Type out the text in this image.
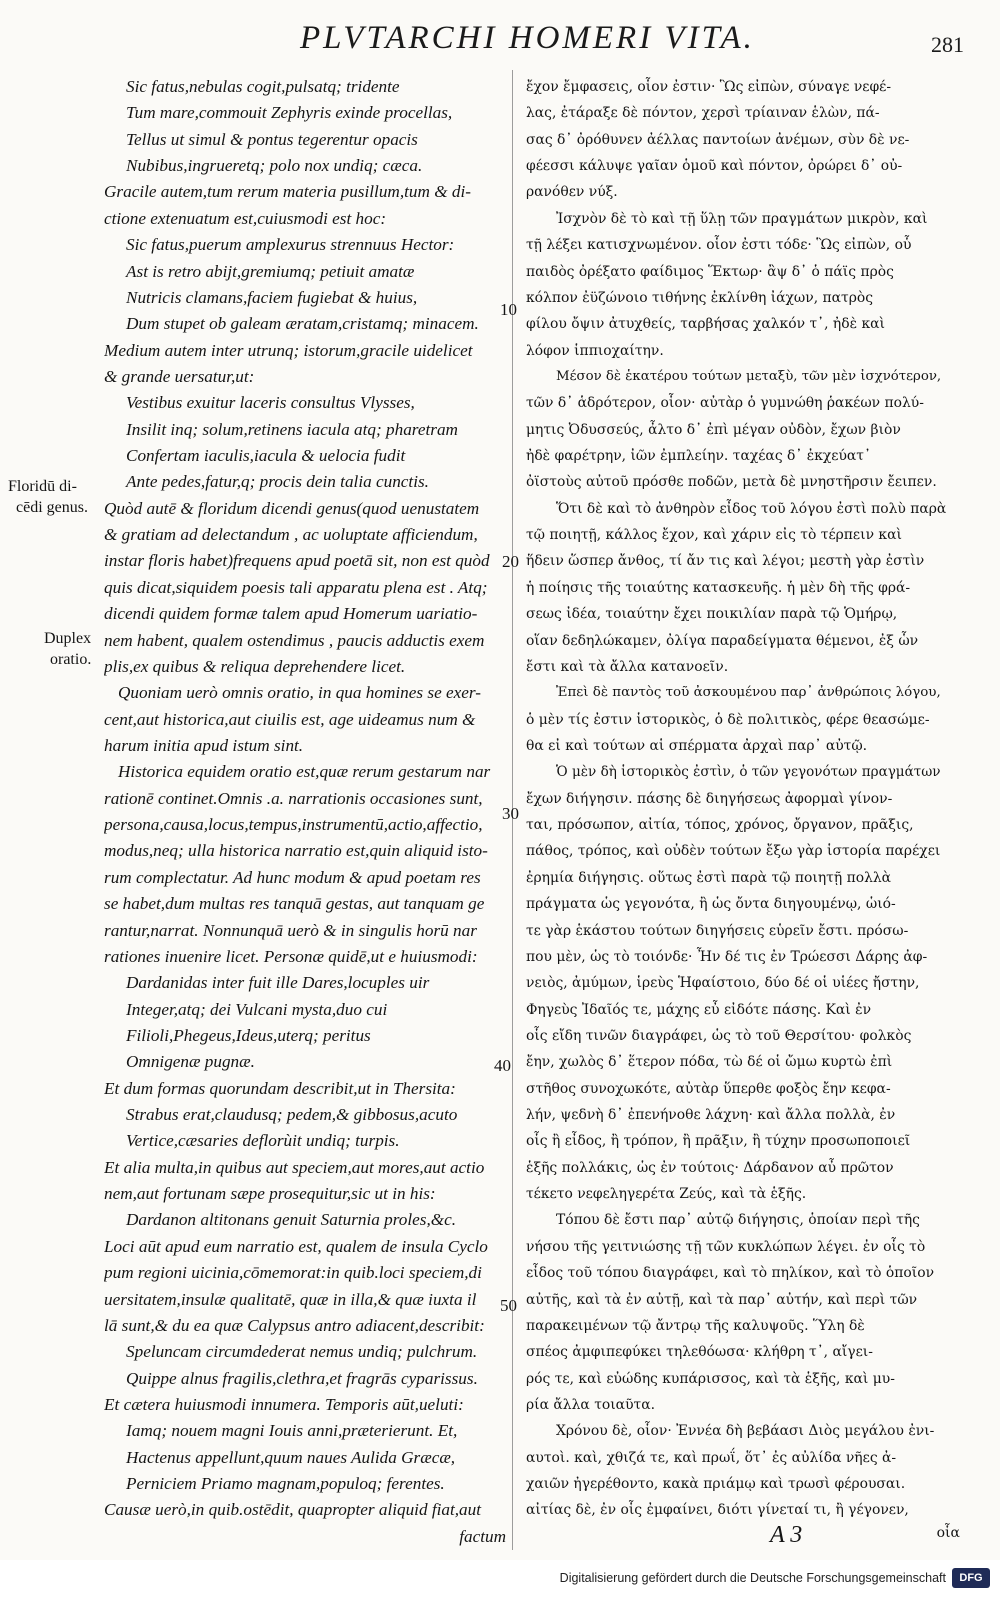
PLVTARCHI HOMERI VITA.	281
Sic fatus,nebulas cogit,pulsatq; tridente
Tum mare,commouit Zephyris exinde procellas,
Tellus ut simul & pontus tegerentur opacis
Nubibus,ingrueretq; polo nox undiq; cæca.
Gracile autem,tum rerum materia pusillum,tum & di-
ctione extenuatum est,cuiusmodi est hoc:
Sic fatus,puerum amplexurus strennuus Hector:
Ast is retro abijt,gremiumq; petiuit amatæ
Nutricis clamans,faciem fugiebat & huius,
Dum stupet ob galeam æratam,cristamq; minacem.
Medium autem inter utrunq; istorum,gracile uidelicet
& grande uersatur,ut:
Vestibus exuitur laceris consultus Vlysses,
Insilit inq; solum,retinens iacula atq; pharetram
Confertam iaculis,iacula & uelocia fudit
Ante pedes,fatur,q; procis dein talia cunctis.
Quòd autē & floridum dicendi genus(quod uenustatem
& gratiam ad delectandum , ac uoluptate afficiendum,
instar floris habet)frequens apud poetā sit, non est quòd
quis dicat,siquidem poesis tali apparatu plena est . Atq;
dicendi quidem formæ talem apud Homerum uariatio-
nem habent, qualem ostendimus , paucis adductis exem
plis,ex quibus & reliqua deprehendere licet.
Quoniam uerò omnis oratio, in qua homines se exer-
cent,aut historica,aut ciuilis est, age uideamus num &
harum initia apud istum sint.
Historica equidem oratio est,quæ rerum gestarum nar
rationē continet.Omnis .a. narrationis occasiones sunt,
persona,causa,locus,tempus,instrumentū,actio,affectio,
modus,neq; ulla historica narratio est,quin aliquid isto-
rum complectatur. Ad hunc modum & apud poetam res
se habet,dum multas res tanquā gestas, aut tanquam ge
rantur,narrat. Nonnunquā uerò & in singulis horū nar
rationes inuenire licet. Personæ quidē,ut e huiusmodi:
Dardanidas inter fuit ille Dares,locuples uir
Integer,atq; dei Vulcani mysta,duo cui
Filioli,Phegeus,Ideus,uterq; peritus
Omnigenæ pugnæ.
Et dum formas quorundam describit,ut in Thersita:
Strabus erat,claudusq; pedem,& gibbosus,acuto
Vertice,cæsaries deflorùit undiq; turpis.
Et alia multa,in quibus aut speciem,aut mores,aut actio
nem,aut fortunam sæpe prosequitur,sic ut in his:
Dardanon altitonans genuit Saturnia proles,&c.
Loci aūt apud eum narratio est, qualem de insula Cyclo
pum regioni uicinia,cōmemorat:in quib.loci speciem,di
uersitatem,insulæ qualitatē, quæ in illa,& quæ iuxta il
lā sunt,& du ea quæ Calypsus antro adiacent,describit:
Speluncam circumdederat nemus undiq; pulchrum.
Quippe alnus fragilis,clethra,et fragrās cyparissus.
Et cætera huiusmodi innumera. Temporis aūt,ueluti:
Iamq; nouem magni Iouis anni,præterierunt. Et,
Hactenus appellunt,quum naues Aulida Græcæ,
Perniciem Priamo magnam,populoq; ferentes.
Causæ uerò,in quib.ostēdit, quapropter aliquid fiat,aut
factum
ἔχον ἔμφασεις, οἷον ἐστιν· Ὣς εἰπὼν, σύναγε νεφέ-
λας, ἐτάραξε δὲ πόντον, χερσὶ τρίαιναν ἑλὼν, πά-
σας δ᾽ ὀρόθυνεν ἀέλλας παντοίων ἀνέμων, σὺν δὲ νε-
φέεσσι κάλυψε γαῖαν ὁμοῦ καὶ πόντον, ὀρώρει δ᾽ οὐ-
ρανόθεν νύξ.
Ἰσχνὸν δὲ τὸ καὶ τῇ ὕλῃ τῶν πραγμάτων μικρὸν, καὶ
τῇ λέξει κατισχνωμένον. οἷον ἐστι τόδε· Ὣς εἰπὼν, οὗ
παιδὸς ὀρέξατο φαίδιμος Ἕκτωρ· ἂψ δ᾽ ὁ πάϊς πρὸς
κόλπον ἐϋζώνοιο τιθήνης ἐκλίνθη ἰάχων, πατρὸς
φίλου ὄψιν ἀτυχθείς, ταρβήσας χαλκόν τ᾽, ἠδὲ καὶ
λόφον ἱππιοχαίτην.
Μέσον δὲ ἑκατέρου τούτων μεταξὺ, τῶν μὲν ἰσχνότερον,
τῶν δ᾽ ἁδρότερον, οἷον· αὐτὰρ ὁ γυμνώθη ῥακέων πολύ-
μητις Ὀδυσσεύς, ἆλτο δ᾽ ἐπὶ μέγαν οὐδὸν, ἔχων βιὸν
ἠδὲ φαρέτρην, ἰῶν ἐμπλείην. ταχέας δ᾽ ἐκχεύατ᾽
ὀϊστοὺς αὐτοῦ πρόσθε ποδῶν, μετὰ δὲ μνηστῆρσιν ἔειπεν.
Ὅτι δὲ καὶ τὸ ἀνθηρὸν εἶδος τοῦ λόγου ἐστὶ πολὺ παρὰ
τῷ ποιητῇ, κάλλος ἔχον, καὶ χάριν εἰς τὸ τέρπειν καὶ
ἥδειν ὥσπερ ἄνθος, τί ἄν τις καὶ λέγοι; μεστὴ γὰρ ἐστὶν
ἡ ποίησις τῆς τοιαύτης κατασκευῆς. ἡ μὲν δὴ τῆς φρά-
σεως ἰδέα, τοιαύτην ἔχει ποικιλίαν παρὰ τῷ Ὁμήρῳ,
οἵαν δεδηλώκαμεν, ὀλίγα παραδείγματα θέμενοι, ἐξ ὧν
ἔστι καὶ τὰ ἄλλα κατανοεῖν.
Ἐπεὶ δὲ παντὸς τοῦ ἀσκουμένου παρ᾽ ἀνθρώποις λόγου,
ὁ μὲν τίς ἐστιν ἱστορικὸς, ὁ δὲ πολιτικὸς, φέρε θεασώμε-
θα εἰ καὶ τούτων αἱ σπέρματα ἀρχαὶ παρ᾽ αὐτῷ.
Ὁ μὲν δὴ ἱστορικὸς ἐστὶν, ὁ τῶν γεγονότων πραγμάτων
ἔχων διήγησιν. πάσης δὲ διηγήσεως ἀφορμαὶ γίνον-
ται, πρόσωπον, αἰτία, τόπος, χρόνος, ὄργανον, πρᾶξις,
πάθος, τρόπος, καὶ οὐδὲν τούτων ἔξω γὰρ ἱστορία παρέχει
ἐρημία διήγησις. οὕτως ἐστὶ παρὰ τῷ ποιητῇ πολλὰ
πράγματα ὡς γεγονότα, ἢ ὡς ὄντα διηγουμένῳ, ὡιό-
τε γὰρ ἑκάστου τούτων διηγήσεις εὑρεῖν ἔστι. πρόσω-
που μὲν, ὡς τὸ τοιόνδε· Ἦν δέ τις ἐν Τρώεσσι Δάρης ἀφ-
νειὸς, ἀμύμων, ἱρεὺς Ἡφαίστοιο, δύο δέ οἱ υἱέες ἤστην,
Φηγεὺς Ἰδαῖός τε, μάχης εὖ εἰδότε πάσης. Καὶ ἐν
οἷς εἴδη τινῶν διαγράφει, ὡς τὸ τοῦ Θερσίτου· φολκὸς
ἔην, χωλὸς δ᾽ ἕτερον πόδα, τὼ δέ οἱ ὤμω κυρτὼ ἐπὶ
στῆθος συνοχωκότε, αὐτὰρ ὕπερθε φοξὸς ἔην κεφα-
λήν, ψεδνὴ δ᾽ ἐπενήνοθε λάχνη· καὶ ἄλλα πολλὰ, ἐν
οἷς ἢ εἶδος, ἢ τρόπον, ἢ πρᾶξιν, ἢ τύχην προσωποποιεῖ
ἑξῆς πολλάκις, ὡς ἐν τούτοις· Δάρδανον αὖ πρῶτον
τέκετο νεφεληγερέτα Ζεύς, καὶ τὰ ἑξῆς.
Τόπου δὲ ἔστι παρ᾽ αὐτῷ διήγησις, ὁποίαν περὶ τῆς
νήσου τῆς γειτνιώσης τῇ τῶν κυκλώπων λέγει. ἐν οἷς τὸ
εἶδος τοῦ τόπου διαγράφει, καὶ τὸ πηλίκον, καὶ τὸ ὁποῖον
αὐτῆς, καὶ τὰ ἐν αὐτῇ, καὶ τὰ παρ᾽ αὐτήν, καὶ περὶ τῶν
παρακειμένων τῷ ἄντρῳ τῆς καλυψοῦς. Ὕλη δὲ
σπέος ἀμφιπεφύκει τηλεθόωσα· κλήθρη τ᾽, αἴγει-
ρός τε, καὶ εὐώδης κυπάρισσος, καὶ τὰ ἑξῆς, καὶ μυ-
ρία ἄλλα τοιαῦτα.
Χρόνου δὲ, οἷον· Ἐννέα δὴ βεβάασι Διὸς μεγάλου ἐνι-
αυτοὶ. καὶ, χθιζά τε, καὶ πρωΐ, ὅτ᾽ ἐς αὐλίδα νῆες ἀ-
χαιῶν ἠγερέθοντο, κακὰ πριάμῳ καὶ τρωσὶ φέρουσαι.
αἰτίας δὲ, ἐν οἷς ἐμφαίνει, διότι γίνεταί τι, ἢ γέγονεν,
Floridū di-
cēdi genus.
Duplex
oratio.
10
20
30
40
50
A 3	οἷα
Digitalisierung gefördert durch die Deutsche Forschungsgemeinschaft	DFG
